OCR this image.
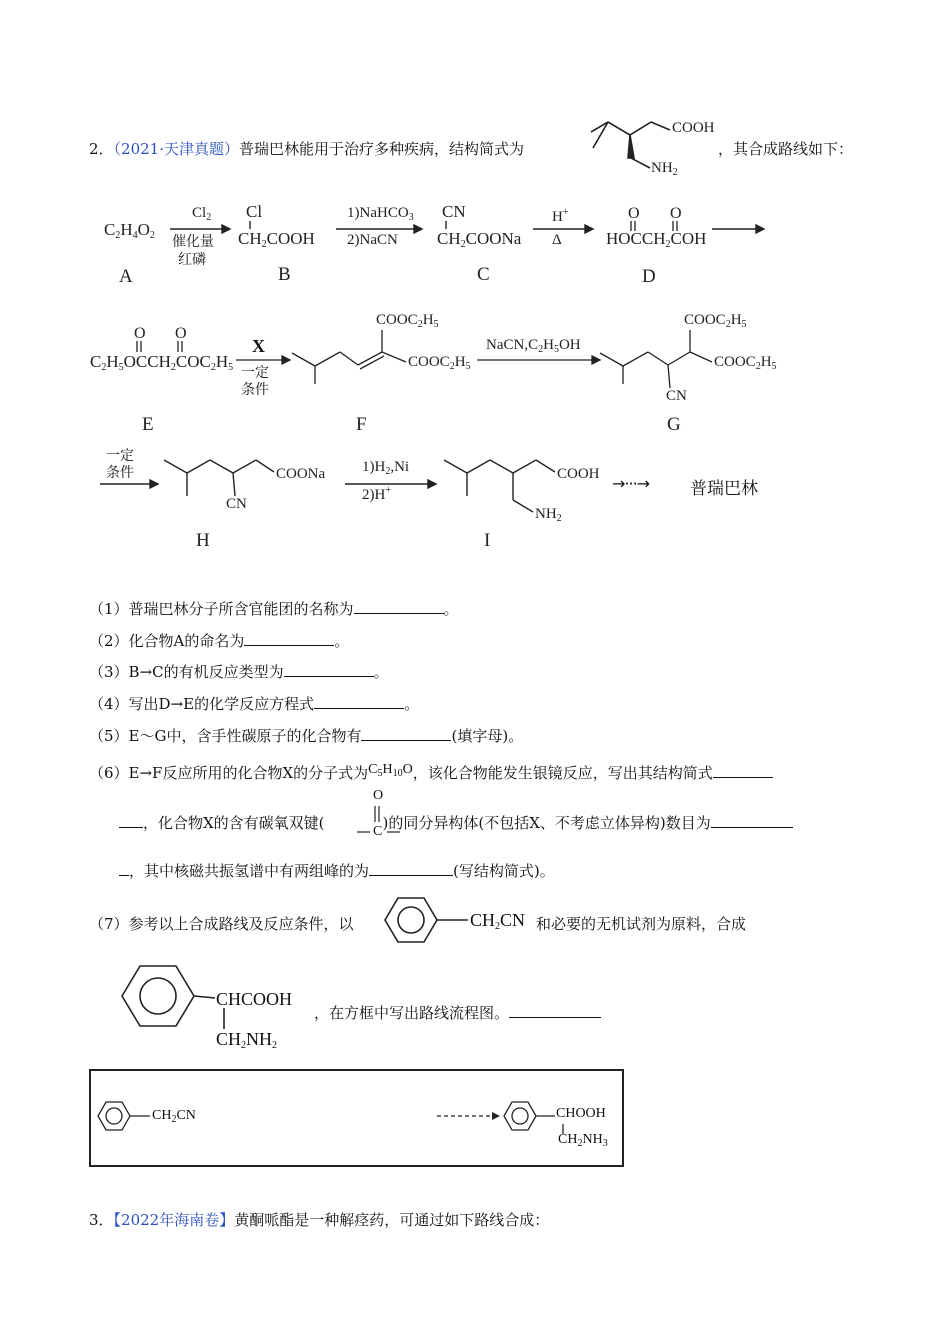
2．（2021·天津真题）普瑞巴林能用于治疗多种疾病，结构简式为	，其合成路线如下：
COOH
$NH_2$
$C_2H_4O_2$
$Cl_2$
催化量
红磷
Cl
$CH_2COOH$
1)NaHCO$_3$
2)NaCN
CN
$CH_2COONa$
H+
Δ	$HOCCH_2COH$
A	B	C	D
O O
$C_2H_5OCCH_2COC_2H_5$
X
一定
条件
$COOC_2H_5$
$COOC_2H_5$
$NaCN,C_2H_5OH$
$COOC_2H_5$
$COOC_2H_5$
CN
E	F	G
O O
一定
条件	COONa
CN
$1)H_2,Ni$
2)H+
COOH
$NH_2$
→···→ 普瑞巴林
H	I
（1）普瑞巴林分子所含官能团的名称为	。
（2）化合物A的命名为	。
（3）B→C的有机反应类型为	。
（4）写出D→E的化学反应方程式	。
（5）E～G中，含手性碳原子的化合物有	(填字母)。
（6）E→F反应所用的化合物X的分子式为$C_5H_{10}O$，该化合物能发生银镜反应，写出其结构简式
，化合物X的含有碳氧双键(	)的同分异构体(不包括X、不考虑立体异构)数目为
O
C
，其中核磁共振氢谱中有两组峰的为	(写结构简式)。
（7）参考以上合成路线及反应条件，以	$CH_2CN$ 和必要的无机试剂为原料，合成
CHCOOH
$CH_2NH_2$
，在方框中写出路线流程图。
$CH_2CN$	CHOOH
$CH_2NH_3$
3．【2022年海南卷】黄酮哌酯是一种解痉药，可通过如下路线合成：
